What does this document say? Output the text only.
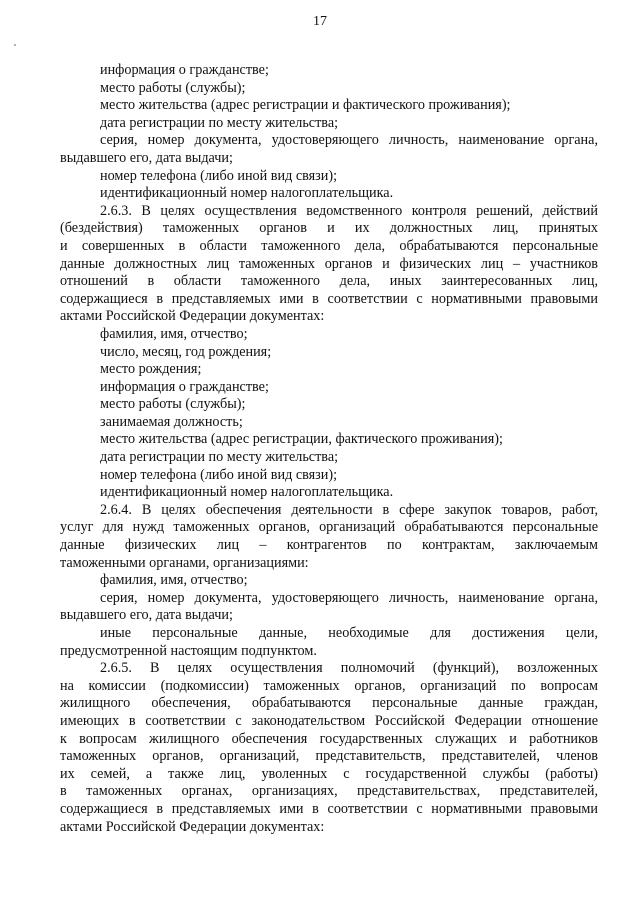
17
информация о гражданстве;
место работы (службы);
место жительства (адрес регистрации и фактического проживания);
дата регистрации по месту жительства;
серия, номер документа, удостоверяющего личность, наименование органа,
выдавшего его, дата выдачи;
номер телефона (либо иной вид связи);
идентификационный номер налогоплательщика.
2.6.3. В целях осуществления ведомственного контроля решений, действий
(бездействия) таможенных органов и их должностных лиц, принятых
и совершенных в области таможенного дела, обрабатываются персональные
данные должностных лиц таможенных органов и физических лиц – участников
отношений в области таможенного дела, иных заинтересованных лиц,
содержащиеся в представляемых ими в соответствии с нормативными правовыми
актами Российской Федерации документах:
фамилия, имя, отчество;
число, месяц, год рождения;
место рождения;
информация о гражданстве;
место работы (службы);
занимаемая должность;
место жительства (адрес регистрации, фактического проживания);
дата регистрации по месту жительства;
номер телефона (либо иной вид связи);
идентификационный номер налогоплательщика.
2.6.4. В целях обеспечения деятельности в сфере закупок товаров, работ,
услуг для нужд таможенных органов, организаций обрабатываются персональные
данные физических лиц – контрагентов по контрактам, заключаемым
таможенными органами, организациями:
фамилия, имя, отчество;
серия, номер документа, удостоверяющего личность, наименование органа,
выдавшего его, дата выдачи;
иные персональные данные, необходимые для достижения цели,
предусмотренной настоящим подпунктом.
2.6.5. В целях осуществления полномочий (функций), возложенных
на комиссии (подкомиссии) таможенных органов, организаций по вопросам
жилищного обеспечения, обрабатываются персональные данные граждан,
имеющих в соответствии с законодательством Российской Федерации отношение
к вопросам жилищного обеспечения государственных служащих и работников
таможенных органов, организаций, представительств, представителей, членов
их семей, а также лиц, уволенных с государственной службы (работы)
в таможенных органах, организациях, представительствах, представителей,
содержащиеся в представляемых ими в соответствии с нормативными правовыми
актами Российской Федерации документах:
